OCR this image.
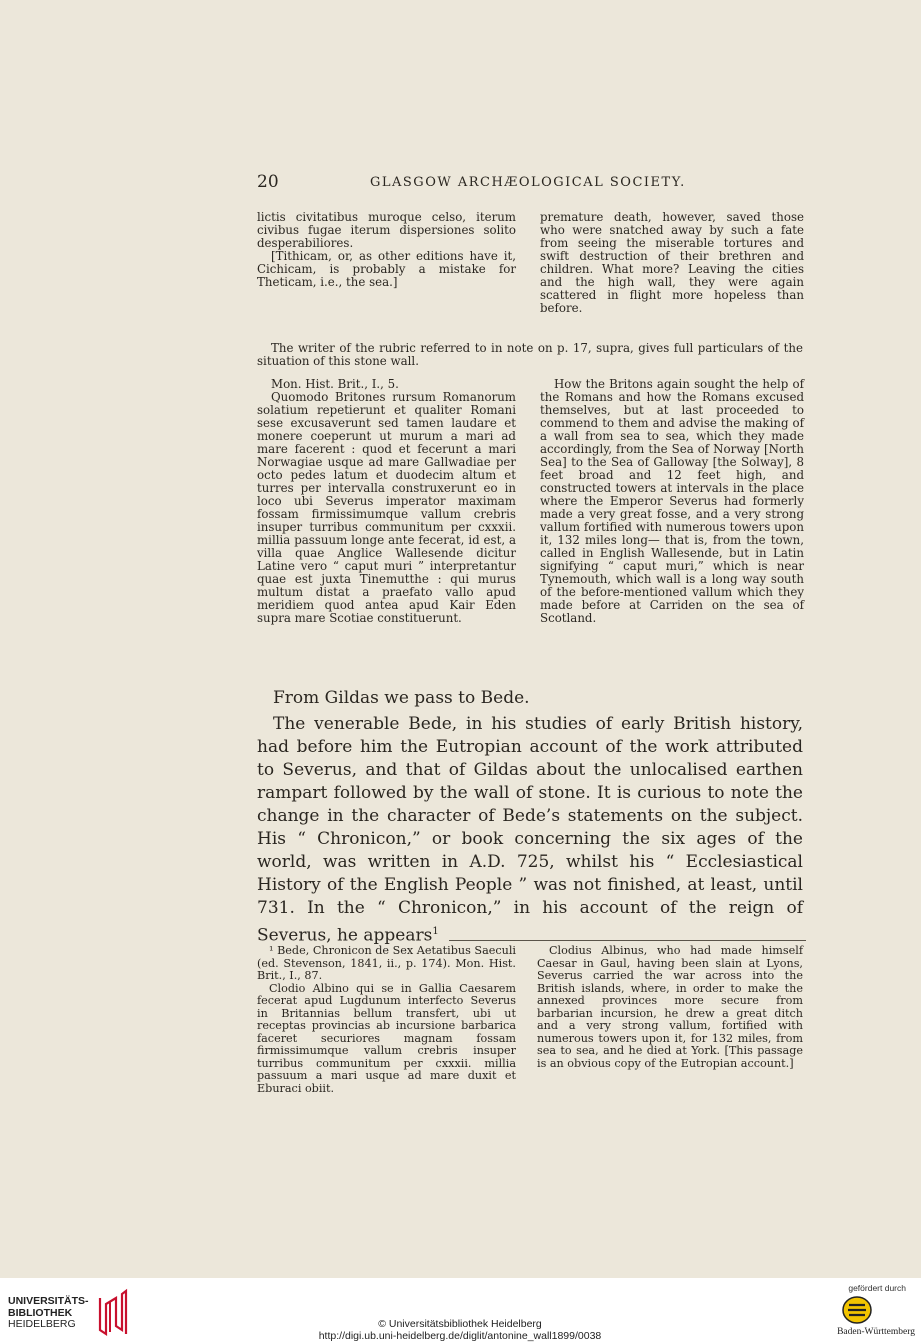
20	GLASGOW ARCHÆOLOGICAL SOCIETY.

lictis civitatibus muroque celso, iterum civibus fugae iterum dispersiones solito desperabiliores.

[Tithicam, or, as other editions have it, Cichicam, is probably a mistake for Theticam, i.e., the sea.]

premature death, however, saved those who were snatched away by such a fate from seeing the miserable tortures and swift destruction of their brethren and children. What more? Leaving the cities and the high wall, they were again scattered in flight more hopeless than before.

The writer of the rubric referred to in note on p. 17, supra, gives full particulars of the situation of this stone wall.

Mon. Hist. Brit., I., 5.

Quomodo Britones rursum Romanorum solatium repetierunt et qualiter Romani sese excusaverunt sed tamen laudare et monere coeperunt ut murum a mari ad mare facerent : quod et fecerunt a mari Norwagiae usque ad mare Gallwadiae per octo pedes latum et duodecim altum et turres per intervalla construxerunt eo in loco ubi Severus imperator maximam fossam firmissimumque vallum crebris insuper turribus communitum per cxxxii. millia passuum longe ante fecerat, id est, a villa quae Anglice Wallesende dicitur Latine vero “ caput muri ” interpretantur quae est juxta Tinemutthe : qui murus multum distat a praefato vallo apud meridiem quod antea apud Kair Eden supra mare Scotiae constituerunt.

How the Britons again sought the help of the Romans and how the Romans excused themselves, but at last proceeded to commend to them and advise the making of a wall from sea to sea, which they made accordingly, from the Sea of Norway [North Sea] to the Sea of Galloway [the Solway], 8 feet broad and 12 feet high, and constructed towers at intervals in the place where the Emperor Severus had formerly made a very great fosse, and a very strong vallum fortified with numerous towers upon it, 132 miles long— that is, from the town, called in English Wallesende, but in Latin signifying “ caput muri,” which is near Tynemouth, which wall is a long way south of the before-mentioned vallum which they made before at Carriden on the sea of Scotland.

From Gildas we pass to Bede.

The venerable Bede, in his studies of early British history, had before him the Eutropian account of the work attributed to Severus, and that of Gildas about the unlocalised earthen rampart followed by the wall of stone. It is curious to note the change in the character of Bede’s statements on the subject. His “ Chronicon,” or book concerning the six ages of the world, was written in A.D. 725, whilst his “ Ecclesiastical History of the English People ” was not finished, at least, until 731. In the “ Chronicon,” in his account of the reign of Severus, he appears$^1$

¹ Bede, Chronicon de Sex Aetatibus Saeculi (ed. Stevenson, 1841, ii., p. 174). Mon. Hist. Brit., I., 87.

Clodio Albino qui se in Gallia Caesarem fecerat apud Lugdunum interfecto Severus in Britannias bellum transfert, ubi ut receptas provincias ab incursione barbarica faceret securiores magnam fossam firmissimumque vallum crebris insuper turribus communitum per cxxxii. millia passuum a mari usque ad mare duxit et Eburaci obiit.

Clodius Albinus, who had made himself Caesar in Gaul, having been slain at Lyons, Severus carried the war across into the British islands, where, in order to make the annexed provinces more secure from barbarian incursion, he drew a great ditch and a very strong vallum, fortified with numerous towers upon it, for 132 miles, from sea to sea, and he died at York. [This passage is an obvious copy of the Eutropian account.]

UNIVERSITÄTS-
BIBLIOTHEK
HEIDELBERG	© Universitätsbibliothek Heidelberg
http://digi.ub.uni-heidelberg.de/diglit/antonine_wall1899/0038
gefördert durch
Baden-Württemberg
